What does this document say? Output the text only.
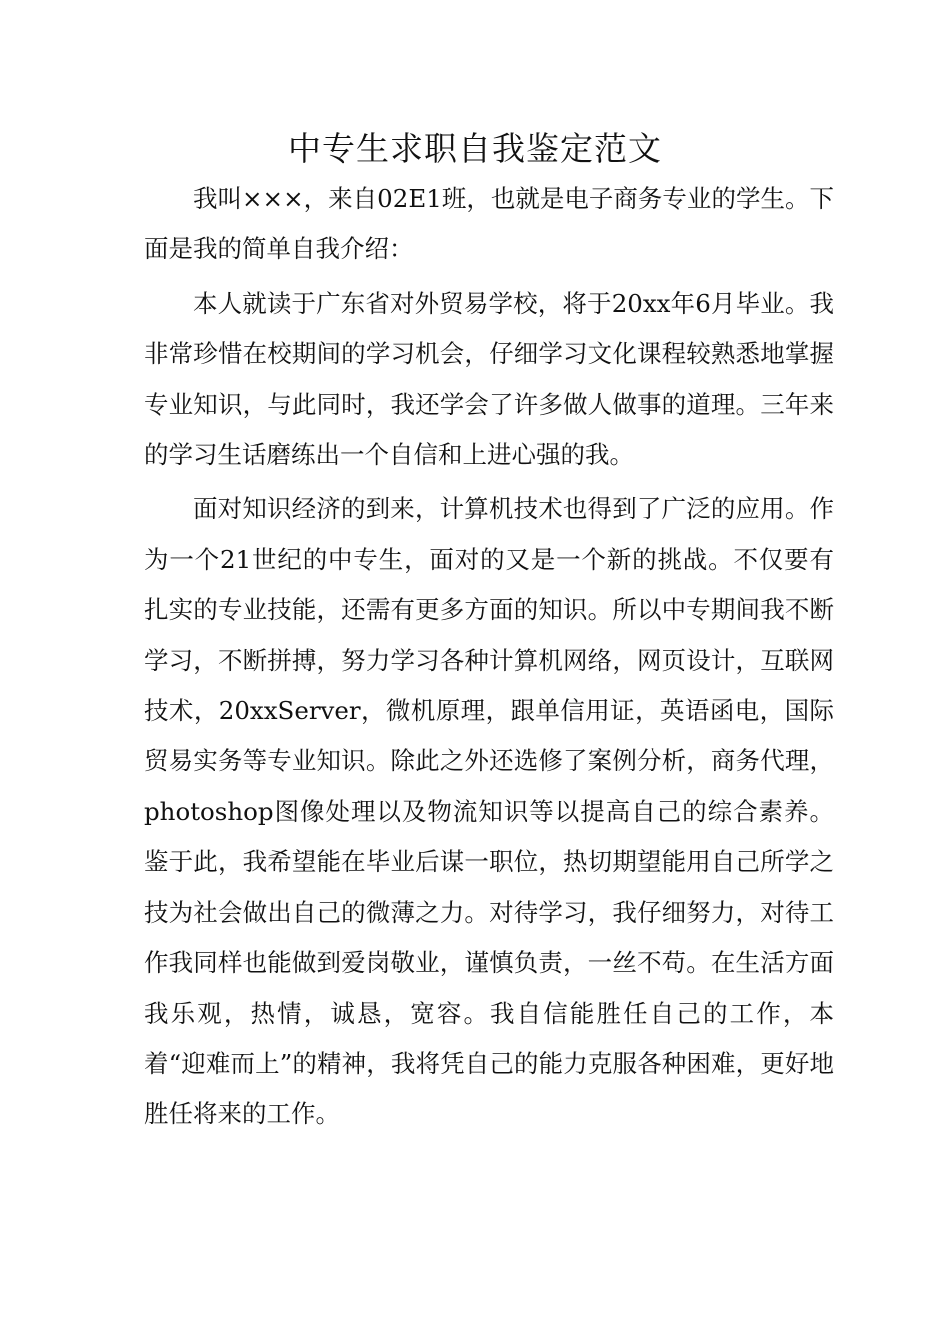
中专生求职自我鉴定范文

我叫×××，来自02E1班，也就是电子商务专业的学生。下面是我的简单自我介绍：

本人就读于广东省对外贸易学校，将于20xx年6月毕业。我非常珍惜在校期间的学习机会，仔细学习文化课程较熟悉地掌握专业知识，与此同时，我还学会了许多做人做事的道理。三年来的学习生话磨练出一个自信和上进心强的我。

面对知识经济的到来，计算机技术也得到了广泛的应用。作为一个21世纪的中专生，面对的又是一个新的挑战。不仅要有扎实的专业技能，还需有更多方面的知识。所以中专期间我不断学习，不断拼搏，努力学习各种计算机网络，网页设计，互联网技术，20xxServer，微机原理，跟单信用证，英语函电，国际贸易实务等专业知识。除此之外还选修了案例分析，商务代理，photoshop图像处理以及物流知识等以提高自己的综合素养。鉴于此，我希望能在毕业后谋一职位，热切期望能用自己所学之技为社会做出自己的微薄之力。对待学习，我仔细努力，对待工作我同样也能做到爱岗敬业，谨慎负责，一丝不苟。在生活方面我乐观，热情，诚恳，宽容。我自信能胜任自己的工作，本着“迎难而上”的精神，我将凭自己的能力克服各种困难，更好地胜任将来的工作。
